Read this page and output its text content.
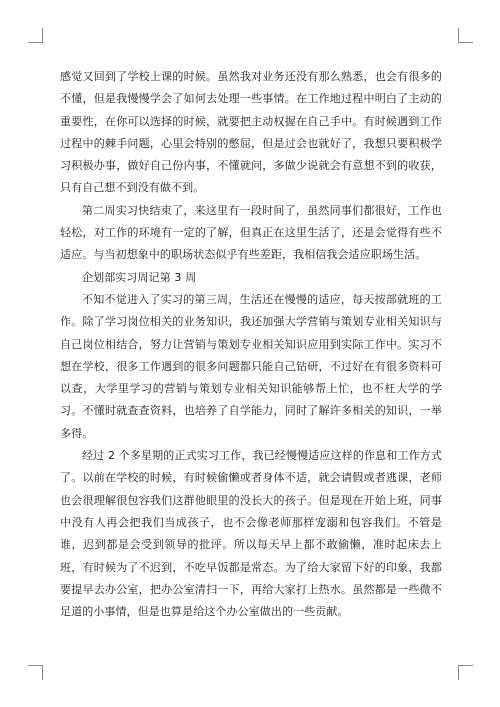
感觉又回到了学校上课的时候。虽然我对业务还没有那么熟悉，也会有很多的不懂，但是我慢慢学会了如何去处理一些事情。在工作地过程中明白了主动的重要性，在你可以选择的时候，就要把主动权握在自己手中。有时候遇到工作过程中的棘手问题，心里会特别的憋屈，但是过会也就好了，我想只要积极学习积极办事，做好自己份内事，不懂就问，多做少说就会有意想不到的收获，只有自己想不到没有做不到。

第二周实习快结束了，来这里有一段时间了，虽然同事们都很好，工作也轻松，对工作的环境有一定的了解，但真正在这里生活了，还是会觉得有些不适应。与当初想象中的职场状态似乎有些差距，我相信我会适应职场生活。

企划部实习周记第 3 周

不知不觉进入了实习的第三周，生活还在慢慢的适应，每天按部就班的工作。除了学习岗位相关的业务知识，我还加强大学营销与策划专业相关知识与自己岗位相结合，努力让营销与策划专业相关知识应用到实际工作中。实习不想在学校，很多工作遇到的很多问题都只能自己钻研，不过好在有很多资料可以查，大学里学习的营销与策划专业相关知识能够帮上忙，也不枉大学的学习。不懂时就查查资料，也培养了自学能力，同时了解许多相关的知识，一举多得。

经过 2 个多星期的正式实习工作，我已经慢慢适应这样的作息和工作方式了。以前在学校的时候，有时候偷懒或者身体不适，就会请假或者逃课，老师也会很理解很包容我们这群他眼里的没长大的孩子。但是现在开始上班，同事中没有人再会把我们当成孩子，也不会像老师那样宠溺和包容我们。不管是谁，迟到都是会受到领导的批评。所以每天早上都不敢偷懒，准时起床去上班，有时候为了不迟到，不吃早饭都是常态。为了给大家留下好的印象，我都要提早去办公室，把办公室清扫一下，再给大家打上热水。虽然都是一些微不足道的小事情，但是也算是给这个办公室做出的一些贡献。
